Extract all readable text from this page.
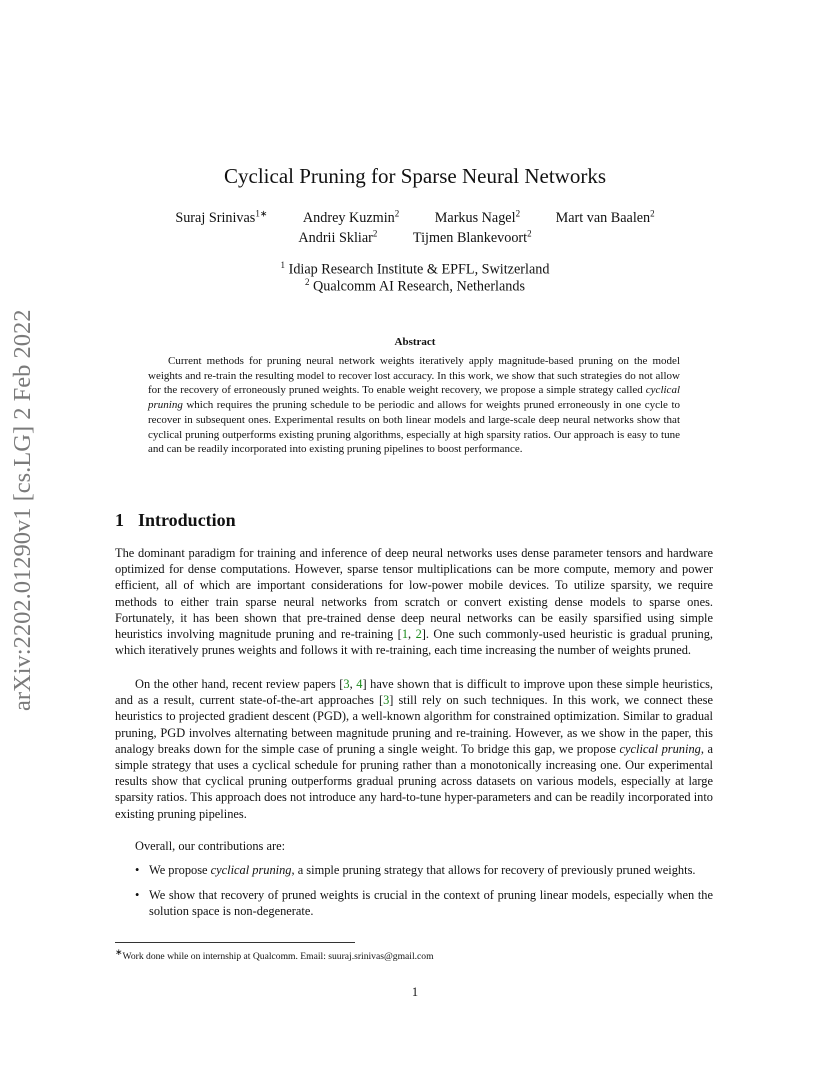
arXiv:2202.01290v1 [cs.LG] 2 Feb 2022
Cyclical Pruning for Sparse Neural Networks
Suraj Srinivas$^{1∗}$	Andrey Kuzmin$^2$	Markus Nagel$^2$	Mart van Baalen$^2$
Andrii Skliar$^2$	Tijmen Blankevoort$^2$
$^1$ Idiap Research Institute & EPFL, Switzerland
$^2$ Qualcomm AI Research, Netherlands
Abstract
Current methods for pruning neural network weights iteratively apply magnitude-based pruning on the model weights and re-train the resulting model to recover lost accuracy. In this work, we show that such strategies do not allow for the recovery of erroneously pruned weights. To enable weight recovery, we propose a simple strategy called cyclical pruning which requires the pruning schedule to be periodic and allows for weights pruned erroneously in one cycle to recover in subsequent ones. Experimental results on both linear models and large-scale deep neural networks show that cyclical pruning outperforms existing pruning algorithms, especially at high sparsity ratios. Our approach is easy to tune and can be readily incorporated into existing pruning pipelines to boost performance.
1 Introduction
The dominant paradigm for training and inference of deep neural networks uses dense parameter tensors and hardware optimized for dense computations. However, sparse tensor multiplications can be more compute, memory and power efficient, all of which are important considerations for low-power mobile devices. To utilize sparsity, we require methods to either train sparse neural networks from scratch or convert existing dense models to sparse ones. Fortunately, it has been shown that pre-trained dense deep neural networks can be easily sparsified using simple heuristics involving magnitude pruning and re-training [1, 2]. One such commonly-used heuristic is gradual pruning, which iteratively prunes weights and follows it with re-training, each time increasing the number of weights pruned.
On the other hand, recent review papers [3, 4] have shown that is difficult to improve upon these simple heuristics, and as a result, current state-of-the-art approaches [3] still rely on such techniques. In this work, we connect these heuristics to projected gradient descent (PGD), a well-known algorithm for constrained optimization. Similar to gradual pruning, PGD involves alternating between magnitude pruning and re-training. However, as we show in the paper, this analogy breaks down for the simple case of pruning a single weight. To bridge this gap, we propose cyclical pruning, a simple strategy that uses a cyclical schedule for pruning rather than a monotonically increasing one. Our experimental results show that cyclical pruning outperforms gradual pruning across datasets on various models, especially at large sparsity ratios. This approach does not introduce any hard-to-tune hyper-parameters and can be readily incorporated into existing pruning pipelines.
Overall, our contributions are:
• We propose cyclical pruning, a simple pruning strategy that allows for recovery of previously pruned weights.
• We show that recovery of pruned weights is crucial in the context of pruning linear models, especially when the solution space is non-degenerate.
∗Work done while on internship at Qualcomm. Email: suuraj.srinivas@gmail.com
1
